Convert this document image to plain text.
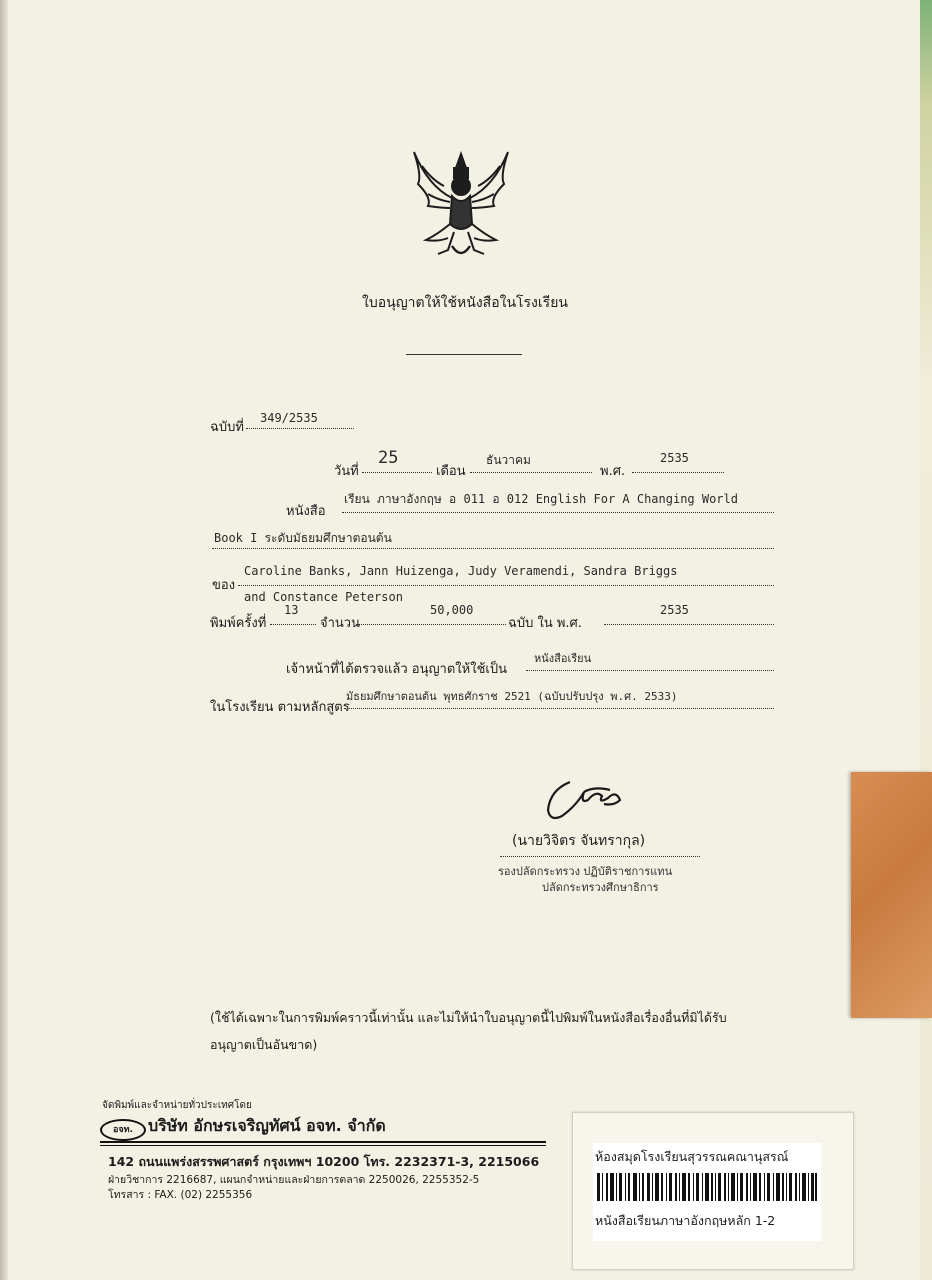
ใบอนุญาตให้ใช้หนังสือในโรงเรียน
ฉบับที่
349/2535
วันที่
25
เดือน
ธันวาคม
พ.ศ.
2535
หนังสือ
เรียน ภาษาอังกฤษ อ 011 อ 012 English For A Changing World
Book I ระดับมัธยมศึกษาตอนต้น
ของ
Caroline Banks, Jann Huizenga, Judy Veramendi, Sandra Briggs
and Constance Peterson
พิมพ์ครั้งที่
13
จำนวน
50,000
ฉบับ ใน พ.ศ.
2535
เจ้าหน้าที่ได้ตรวจแล้ว อนุญาตให้ใช้เป็น
หนังสือเรียน
ในโรงเรียน ตามหลักสูตร
มัธยมศึกษาตอนต้น พุทธศักราช 2521 (ฉบับปรับปรุง พ.ศ. 2533)
(นายวิจิตร จันทรากุล)
รองปลัดกระทรวง ปฏิบัติราชการแทน
ปลัดกระทรวงศึกษาธิการ
(ใช้ได้เฉพาะในการพิมพ์คราวนี้เท่านั้น และไม่ให้นำใบอนุญาตนี้ไปพิมพ์ในหนังสือเรื่องอื่นที่มิได้รับอนุญาตเป็นอันขาด)
จัดพิมพ์และจำหน่ายทั่วประเทศโดย
อจท. บริษัท อักษรเจริญทัศน์ อจท. จำกัด
142 ถนนแพร่งสรรพศาสตร์ กรุงเทพฯ 10200 โทร. 2232371-3, 2215066
ฝ่ายวิชาการ 2216687, แผนกจำหน่ายและฝ่ายการตลาด 2250026, 2255352-5
โทรสาร : FAX. (02) 2255356
ห้องสมุดโรงเรียนสุวรรณคณานุสรณ์
หนังสือเรียนภาษาอังกฤษหลัก 1-2
